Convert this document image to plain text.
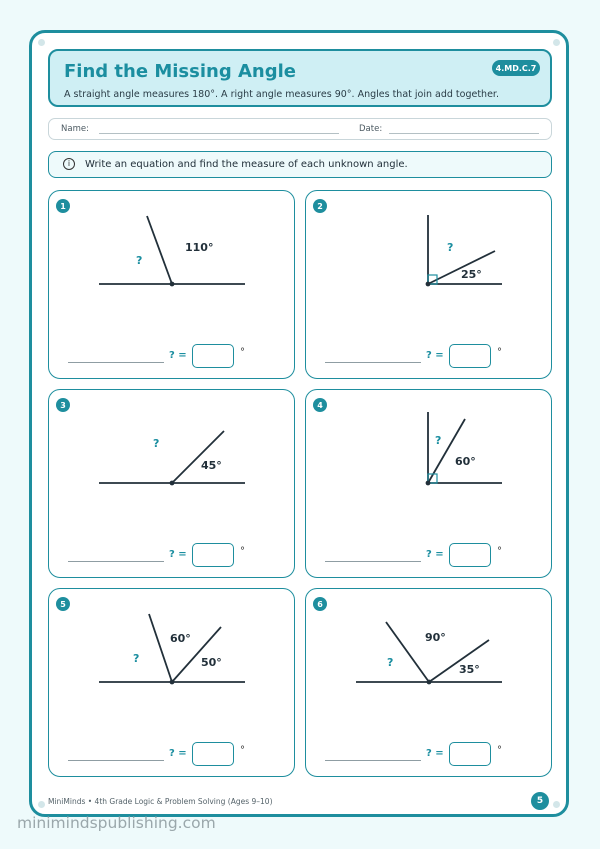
Find the Missing Angle
A straight angle measures 180°. A right angle measures 90°. Angles that join add together.
4.MD.C.7
Name:	Date:
i	Write an equation and find the measure of each unknown angle.
1
?
110°
? =	°
2
?
25°
? =	°
3
?
45°
? =	°
4
?
60°
? =	°
5
?
60°
50°
? =	°
6
?
90°
35°
? =	°
MiniMinds • 4th Grade Logic & Problem Solving (Ages 9–10)	5
minimindspublishing.com
